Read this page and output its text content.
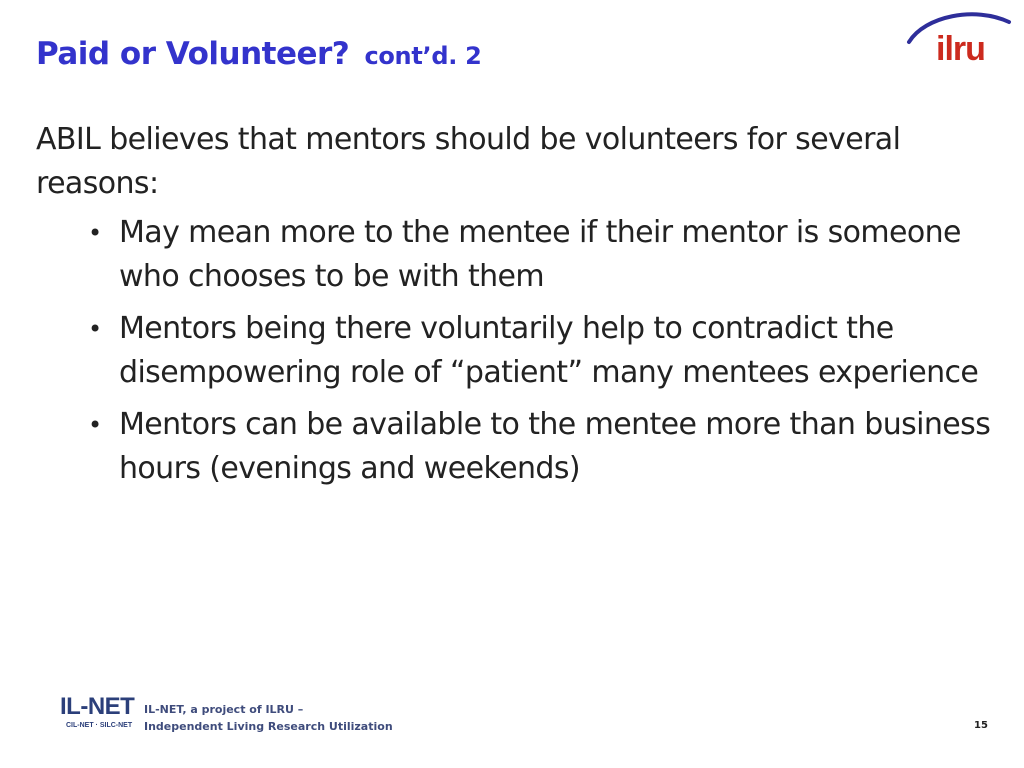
Paid or Volunteer? cont’d. 2	ilru

ABIL believes that mentors should be volunteers for several reasons:

• May mean more to the mentee if their mentor is someone who chooses to be with them
• Mentors being there voluntarily help to contradict the disempowering role of “patient” many mentees experience
• Mentors can be available to the mentee more than business hours (evenings and weekends)
IL-NET
CIL-NET · SILC-NET
IL-NET, a project of ILRU –
Independent Living Research Utilization	15
